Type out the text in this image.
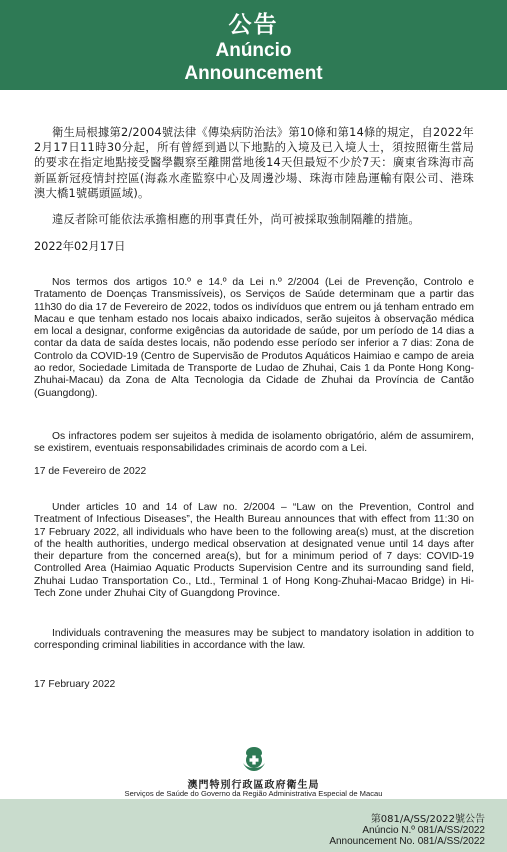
公告
Anúncio
Announcement
衛生局根據第2/2004號法律《傳染病防治法》第10條和第14條的規定，自2022年2月17日11時30分起，所有曾經到過以下地點的入境及已入境人士，須按照衛生當局的要求在指定地點接受醫學觀察至離開當地後14天但最短不少於7天：廣東省珠海市高新區新冠疫情封控區(海淼水產監察中心及周邊沙場、珠海市陸島運輸有限公司、港珠澳大橋1號碼頭區域)。
違反者除可能依法承擔相應的刑事責任外，尚可被採取強制隔離的措施。
2022年02月17日
Nos termos dos artigos 10.º e 14.º da Lei n.º 2/2004 (Lei de Prevenção, Controlo e Tratamento de Doenças Transmissíveis), os Serviços de Saúde determinam que a partir das 11h30 do dia 17 de Fevereiro de 2022, todos os indivíduos que entrem ou já tenham entrado em Macau e que tenham estado nos locais abaixo indicados, serão sujeitos à observação médica em local a designar, conforme exigências da autoridade de saúde, por um período de 14 dias a contar da data de saída destes locais, não podendo esse período ser inferior a 7 dias: Zona de Controlo da COVID-19 (Centro de Supervisão de Produtos Aquáticos Haimiao e campo de areia ao redor, Sociedade Limitada de Transporte de Ludao de Zhuhai, Cais 1 da Ponte Hong Kong-Zhuhai-Macau) da Zona de Alta Tecnologia da Cidade de Zhuhai da Província de Cantão (Guangdong).
Os infractores podem ser sujeitos à medida de isolamento obrigatório, além de assumirem, se existirem, eventuais responsabilidades criminais de acordo com a Lei.
17 de Fevereiro de 2022
Under articles 10 and 14 of Law no. 2/2004 – “Law on the Prevention, Control and Treatment of Infectious Diseases”, the Health Bureau announces that with effect from 11:30 on 17 February 2022, all individuals who have been to the following area(s) must, at the discretion of the health authorities, undergo medical observation at designated venue until 14 days after their departure from the concerned area(s), but for a minimum period of 7 days: COVID-19 Controlled Area (Haimiao Aquatic Products Supervision Centre and its surrounding sand field, Zhuhai Ludao Transportation Co., Ltd., Terminal 1 of Hong Kong-Zhuhai-Macao Bridge) in Hi-Tech Zone under Zhuhai City of Guangdong Province.
Individuals contravening the measures may be subject to mandatory isolation in addition to corresponding criminal liabilities in accordance with the law.
17 February 2022
澳門特別行政區政府衛生局
Serviços de Saúde do Governo da Região Administrativa Especial de Macau
第081/A/SS/2022號公告
Anúncio N.º 081/A/SS/2022
Announcement No. 081/A/SS/2022
